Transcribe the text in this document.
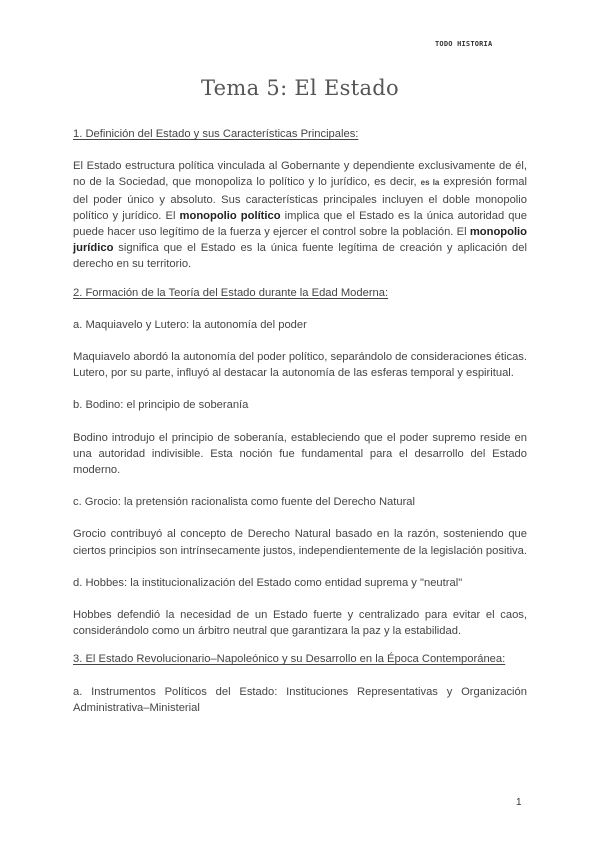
TODO HISTORIA
Tema 5: El Estado

1. Definición del Estado y sus Características Principales:

El Estado estructura política vinculada al Gobernante y dependiente exclusivamente de él, no de la Sociedad, que monopoliza lo político y lo jurídico, es decir, es la expresión formal del poder único y absoluto. Sus características principales incluyen el doble monopolio político y jurídico. El monopolio político implica que el Estado es la única autoridad que puede hacer uso legítimo de la fuerza y ejercer el control sobre la población. El monopolio jurídico significa que el Estado es la única fuente legítima de creación y aplicación del derecho en su territorio.

2. Formación de la Teoría del Estado durante la Edad Moderna:

a. Maquiavelo y Lutero: la autonomía del poder

Maquiavelo abordó la autonomía del poder político, separándolo de consideraciones éticas. Lutero, por su parte, influyó al destacar la autonomía de las esferas temporal y espiritual.

b. Bodino: el principio de soberanía

Bodino introdujo el principio de soberanía, estableciendo que el poder supremo reside en una autoridad indivisible. Esta noción fue fundamental para el desarrollo del Estado moderno.

c. Grocio: la pretensión racionalista como fuente del Derecho Natural

Grocio contribuyó al concepto de Derecho Natural basado en la razón, sosteniendo que ciertos principios son intrínsecamente justos, independientemente de la legislación positiva.

d. Hobbes: la institucionalización del Estado como entidad suprema y "neutral"

Hobbes defendió la necesidad de un Estado fuerte y centralizado para evitar el caos, considerándolo como un árbitro neutral que garantizara la paz y la estabilidad.

3. El Estado Revolucionario–Napoleónico y su Desarrollo en la Época Contemporánea:

a. Instrumentos Políticos del Estado: Instituciones Representativas y Organización Administrativa–Ministerial

1
